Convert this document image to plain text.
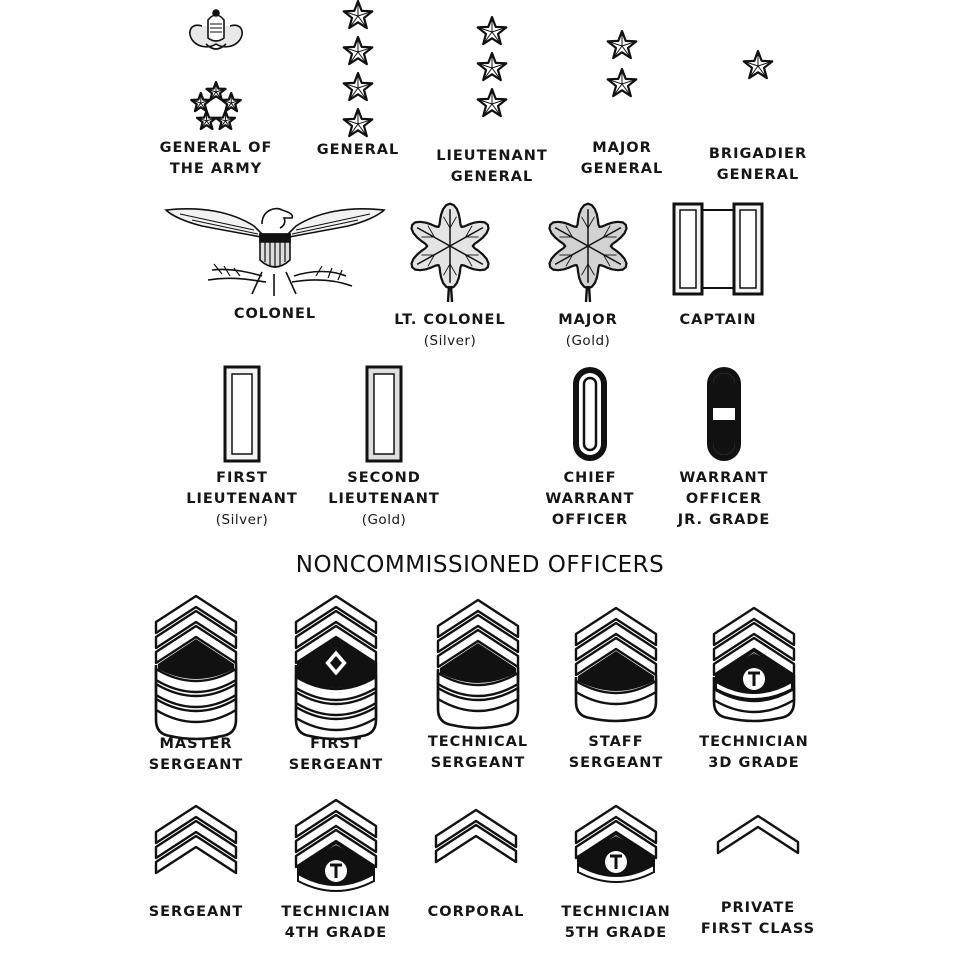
GENERAL OF
THE ARMY
GENERAL	LIEUTENANT
GENERAL
MAJOR
GENERAL
BRIGADIER
GENERAL
COLONEL	LT. COLONEL
(Silver)
MAJOR
(Gold)
CAPTAIN
FIRST
LIEUTENANT
(Silver)
SECOND
LIEUTENANT
(Gold)
CHIEF
WARRANT
OFFICER
WARRANT
OFFICER
JR. GRADE
NONCOMMISSIONED OFFICERS
MASTER
SERGEANT
FIRST
SERGEANT
TECHNICAL
SERGEANT
STAFF
SERGEANT
TECHNICIAN
3D GRADE
SERGEANT	TECHNICIAN
4TH GRADE
CORPORAL	TECHNICIAN
5TH GRADE
PRIVATE
FIRST CLASS
